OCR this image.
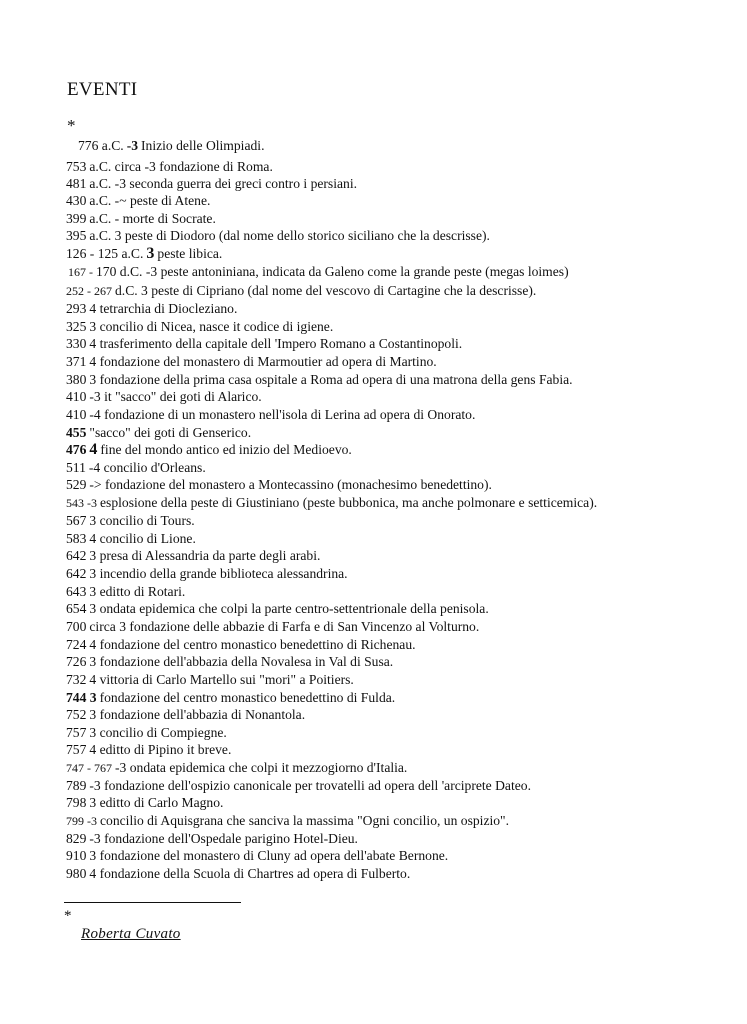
EVENTI
*
776 a.C. -3 Inizio delle Olimpiadi.
753 a.C. circa -3 fondazione di Roma.
481 a.C. -3 seconda guerra dei greci contro i persiani.
430 a.C. -~ peste di Atene.
399 a.C. - morte di Socrate.
395 a.C. 3 peste di Diodoro (dal nome dello storico siciliano che la descrisse).
126 - 125 a.C. 3 peste libica.
167 - 170 d.C. -3 peste antoniniana, indicata da Galeno come la grande peste (megas loimes)
252 - 267 d.C. 3 peste di Cipriano (dal nome del vescovo di Cartagine che la descrisse).
293 4 tetrarchia di Diocleziano.
325 3 concilio di Nicea, nasce it codice di igiene.
330 4 trasferimento della capitale dell 'Impero Romano a Costantinopoli.
371 4 fondazione del monastero di Marmoutier ad opera di Martino.
380 3 fondazione della prima casa ospitale a Roma ad opera di una matrona della gens Fabia.
410 -3 it "sacco" dei goti di Alarico.
410 -4 fondazione di un monastero nell'isola di Lerina ad opera di Onorato.
455 "sacco" dei goti di Genserico.
476 4 fine del mondo antico ed inizio del Medioevo.
511 -4 concilio d'Orleans.
529 -> fondazione del monastero a Montecassino (monachesimo benedettino).
543 -3 esplosione della peste di Giustiniano (peste bubbonica, ma anche polmonare e setticemica).
567 3 concilio di Tours.
583 4 concilio di Lione.
642 3 presa di Alessandria da parte degli arabi.
642 3 incendio della grande biblioteca alessandrina.
643 3 editto di Rotari.
654 3 ondata epidemica che colpi la parte centro-settentrionale della penisola.
700 circa 3 fondazione delle abbazie di Farfa e di San Vincenzo al Volturno.
724 4 fondazione del centro monastico benedettino di Richenau.
726 3 fondazione dell'abbazia della Novalesa in Val di Susa.
732 4 vittoria di Carlo Martello sui "mori" a Poitiers.
744 3 fondazione del centro monastico benedettino di Fulda.
752 3 fondazione dell'abbazia di Nonantola.
757 3 concilio di Compiegne.
757 4 editto di Pipino it breve.
747 - 767 -3 ondata epidemica che colpi it mezzogiorno d'Italia.
789 -3 fondazione dell'ospizio canonicale per trovatelli ad opera dell 'arciprete Dateo.
798 3 editto di Carlo Magno.
799 -3 concilio di Aquisgrana che sanciva la massima "Ogni concilio, un ospizio".
829 -3 fondazione dell'Ospedale parigino Hotel-Dieu.
910 3 fondazione del monastero di Cluny ad opera dell'abate Bernone.
980 4 fondazione della Scuola di Chartres ad opera di Fulberto.
*
Roberta Cuvato
